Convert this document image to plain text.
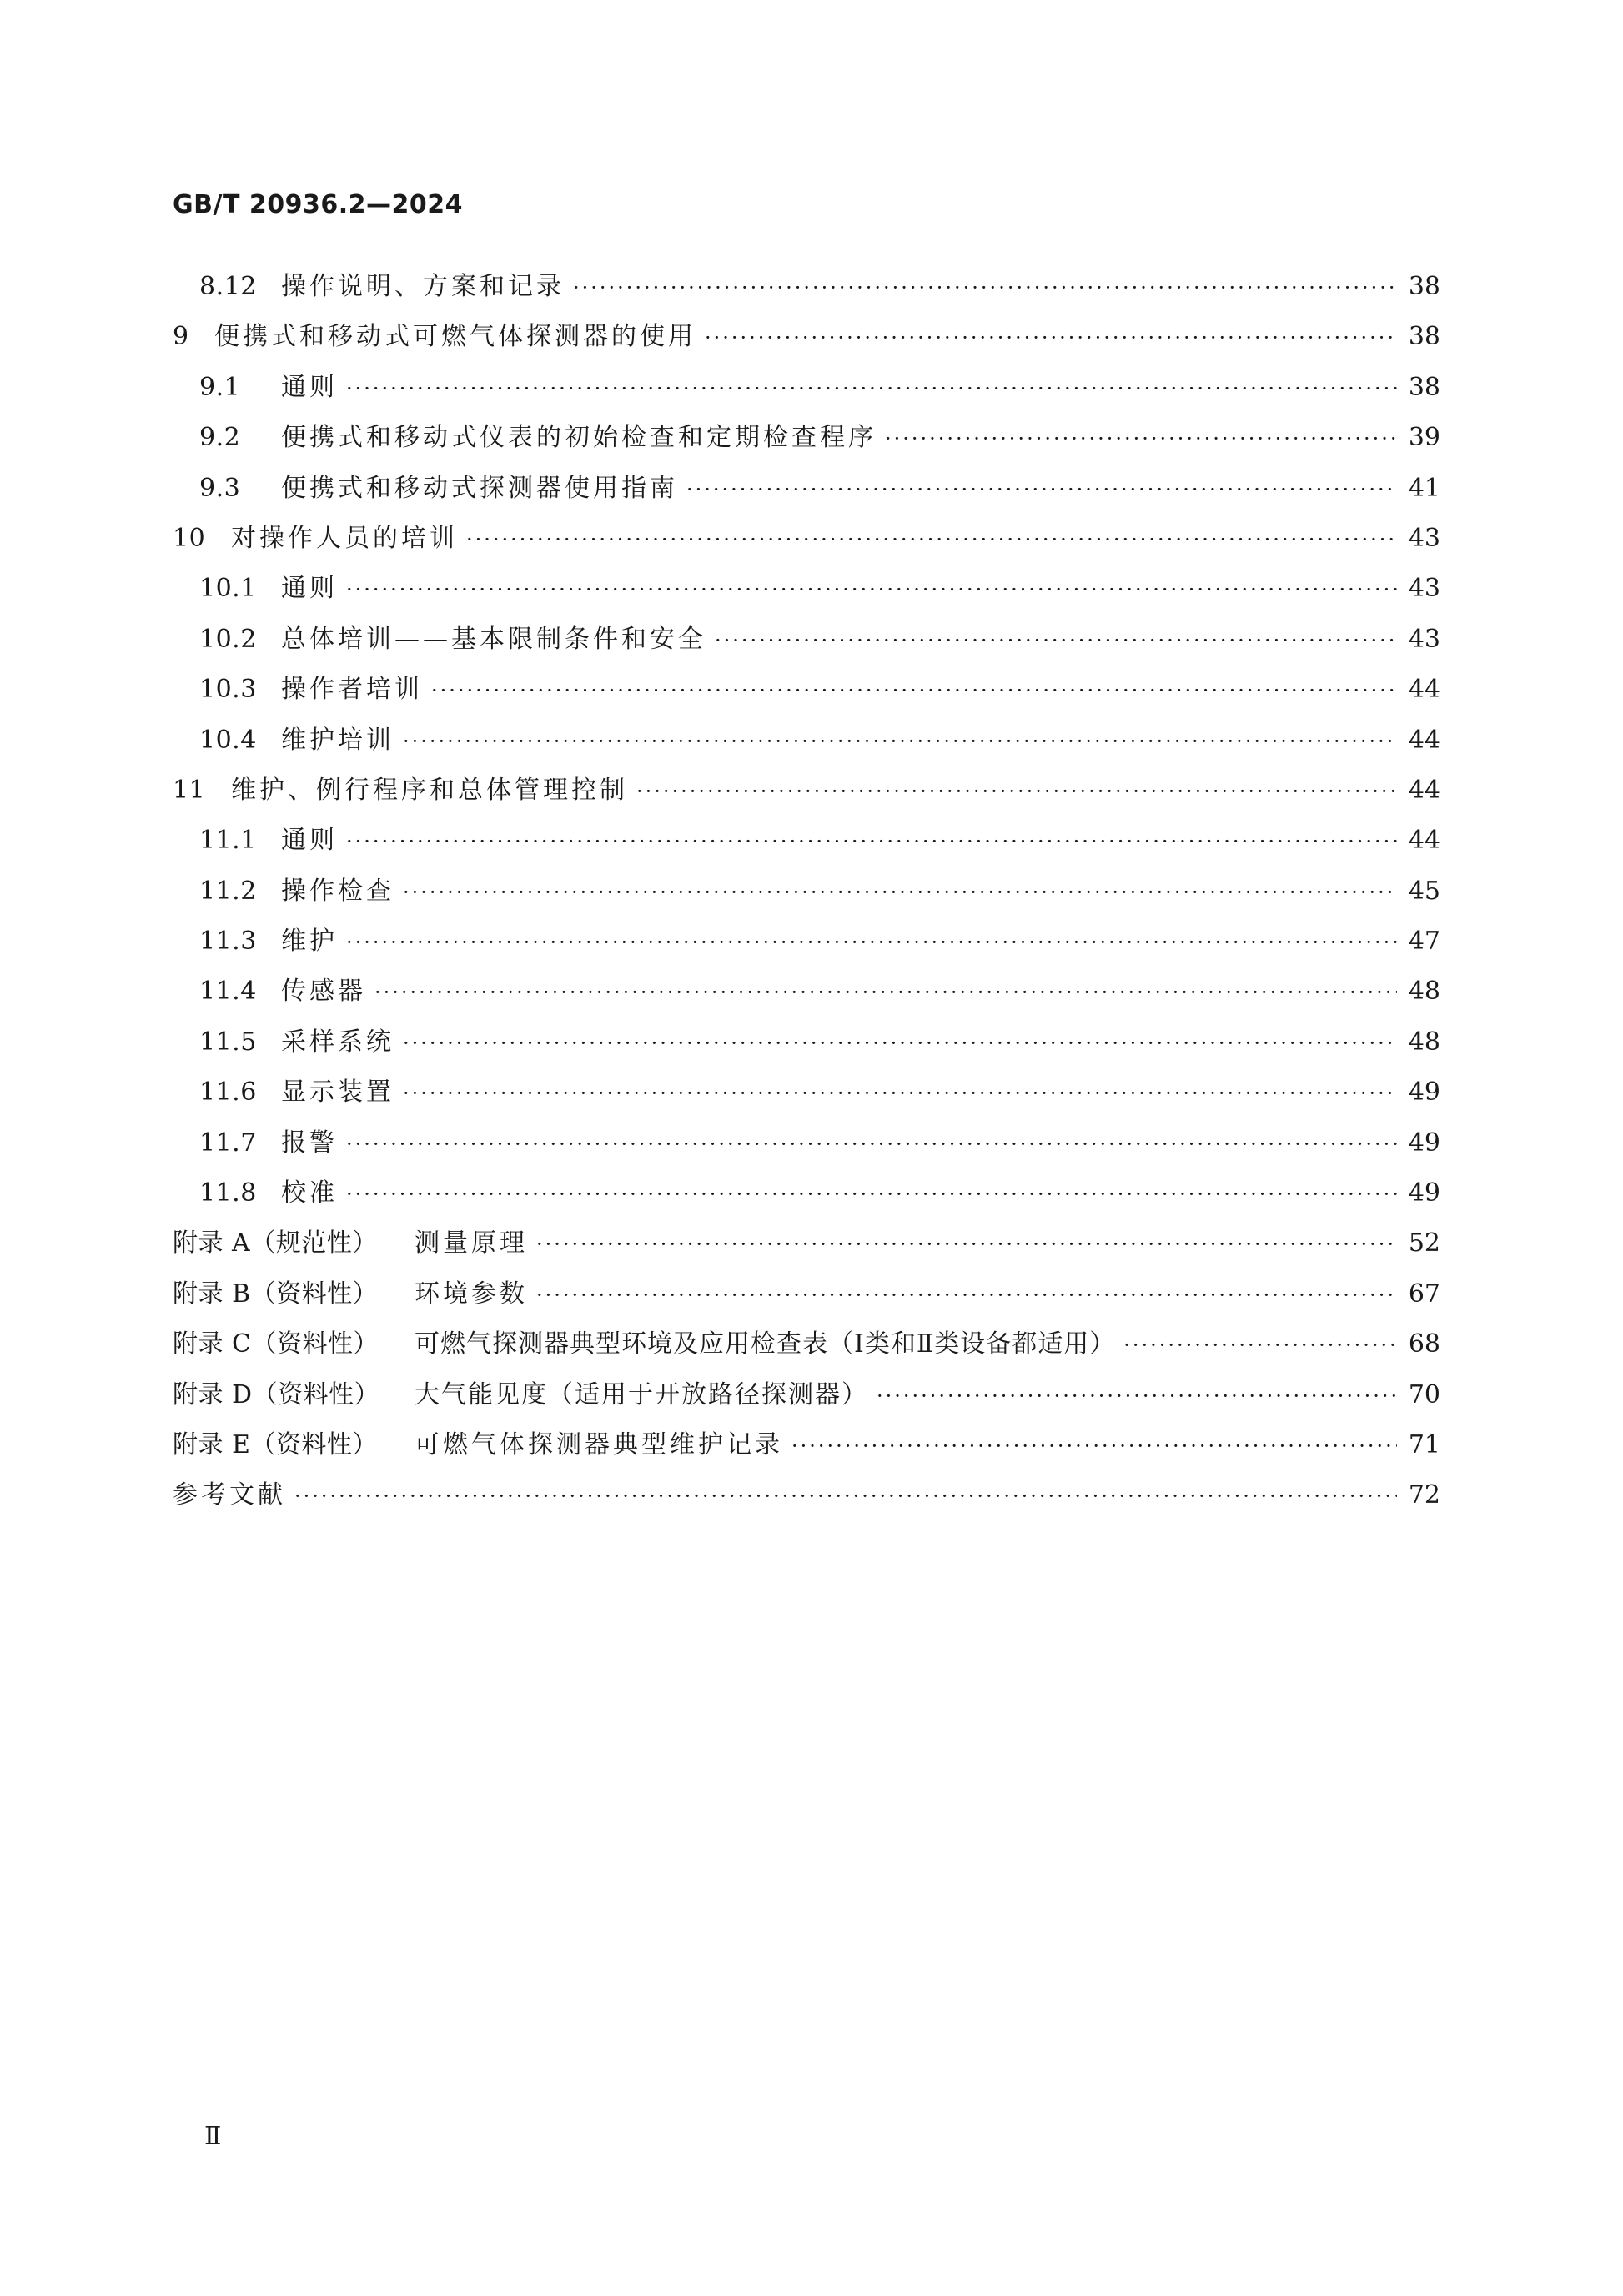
GB/T 20936.2—2024
8.12 操作说明、方案和记录 ·····	38
9	便携式和移动式可燃气体探测器的使用 ·····	38
9.1	通则 ·····	38
9.2	便携式和移动式仪表的初始检查和定期检查程序 ·····	39
9.3	便携式和移动式探测器使用指南 ·····	41
10	对操作人员的培训 ·····	43
10.1 通则 ·····	43
10.2 总体培训——基本限制条件和安全 ·····	43
10.3 操作者培训 ·····	44
10.4 维护培训 ·····	44
11	维护、例行程序和总体管理控制 ·····	44
11.1 通则 ·····	44
11.2 操作检查 ·····	45
11.3 维护 ·····	47
11.4 传感器 ·····	48
11.5 采样系统 ·····	48
11.6 显示装置 ·····	49
11.7 报警 ·····	49
11.8 校准 ·····	49
附录 A（规范性）	测量原理 ·····	52
附录 B（资料性）	环境参数 ·····	67
附录 C（资料性）	可燃气探测器典型环境及应用检查表（Ⅰ类和Ⅱ类设备都适用） ·····	68
附录 D（资料性）	大气能见度（适用于开放路径探测器） ·····	70
附录 E（资料性）	可燃气体探测器典型维护记录 ·····	71
参考文献 ·····	72

Ⅱ
